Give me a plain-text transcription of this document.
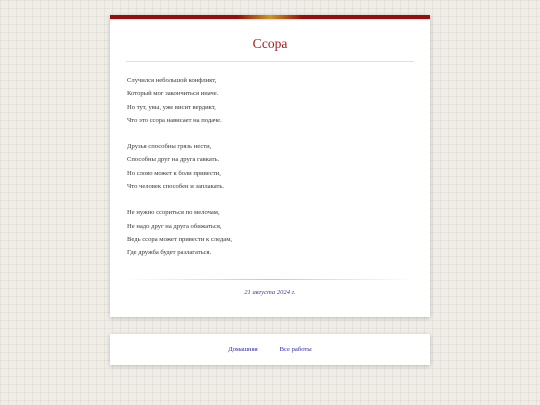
Ссора
Случился небольшой конфликт,
Который мог закончиться иначе.
Но тут, увы, уже висит вердикт,
Что это ссора нависает на подаче.
Друзья способны грязь нести,
Способны друг на друга гавкать.
Но слово может к боли привести,
Что человек способен и заплакать.
Не нужно ссориться по мелочам,
Не надо друг на друга обижаться,
Ведь ссора может привести к следам,
Где дружба будет разлагаться.
21 августа 2024 г.
Домашняя	Все работы
